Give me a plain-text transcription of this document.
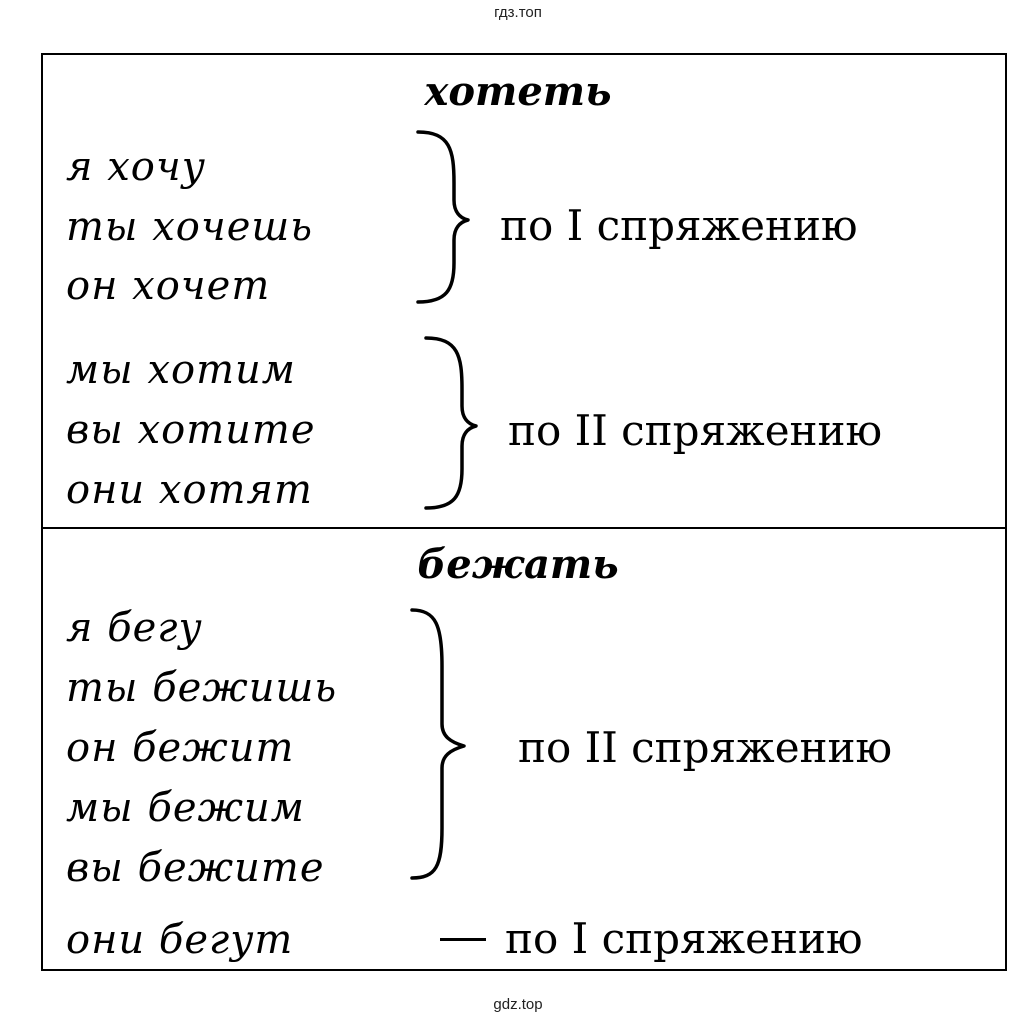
гдз.топ
хотеть
я хочу
ты хочешь
он хочет
по I спряжению
мы хотим
вы хотите
они хотят
по II спряжению
бежать
я бегу
ты бежишь
он бежит
мы бежим
вы бежите
по II спряжению
они бегут	по I спряжению
gdz.top
